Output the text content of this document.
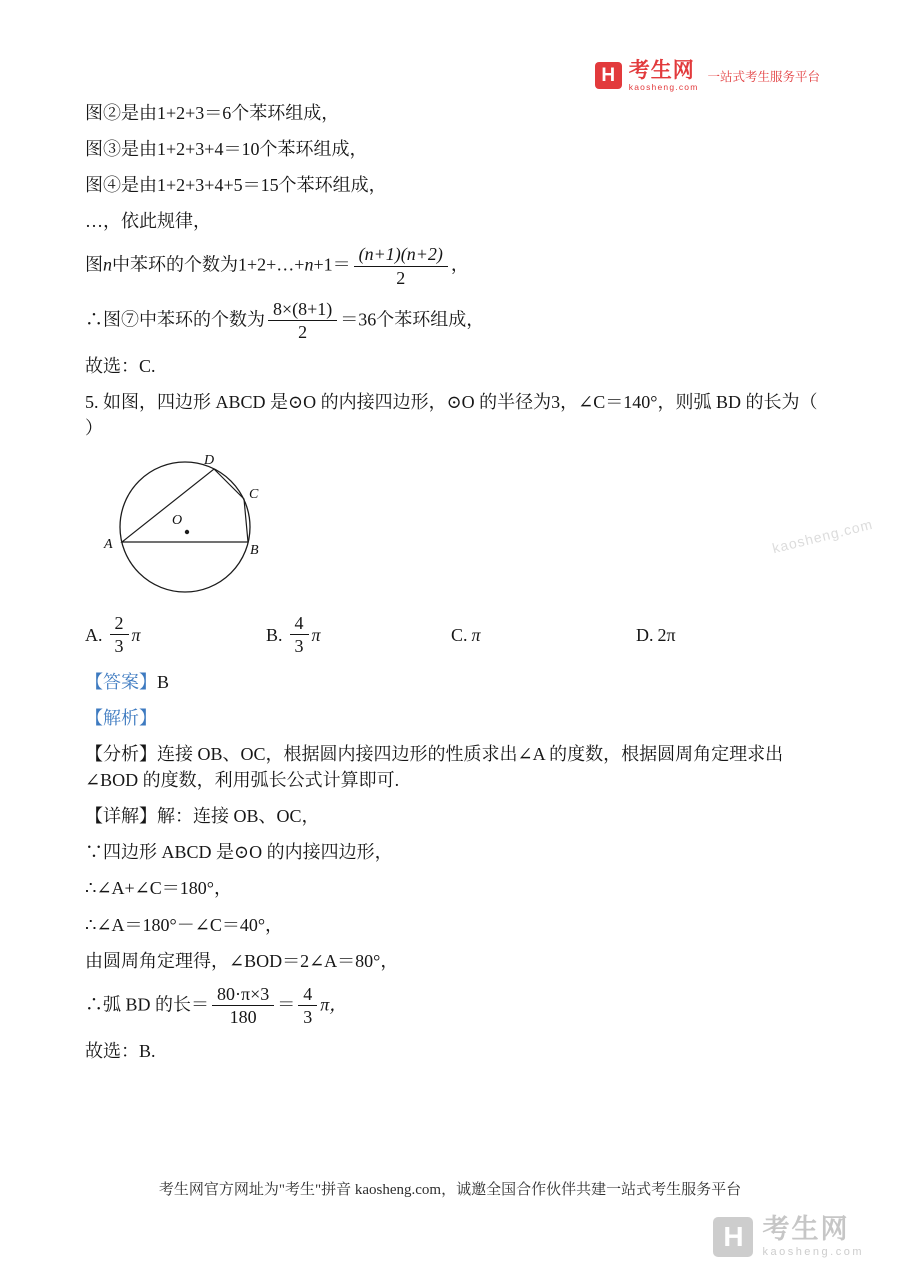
H 考生网
kaosheng.com
一站式考生服务平台

图②是由1+2+3＝6个苯环组成，

图③是由1+2+3+4＝10个苯环组成，

图④是由1+2+3+4+5＝15个苯环组成，

…，依此规律，

图n中苯环的个数为1+2+…+n+1＝ $\frac{(n+1)(n+2)}{2}$ ，

∴图⑦中苯环的个数为 $\frac{8\times(8+1)}{2} =36$个苯环组成，

故选：C.

5. 如图，四边形 ABCD 是⊙O 的内接四边形，⊙O 的半径为3，∠C＝140°，则弧 BD 的长为（ ）

O
A	B
C
D
A. $\frac{2}{3}$ π	B. $\frac{4}{3}$ π	C. π	D. 2π

【答案】B

【解析】

【分析】连接 OB、OC，根据圆内接四边形的性质求出∠A 的度数，根据圆周角定理求出∠BOD 的度数，利用弧长公式计算即可.

【详解】解：连接 OB、OC，

∵四边形 ABCD 是⊙O 的内接四边形，

∴∠A+∠C＝180°，

∴∠A＝180°－∠C＝40°，

由圆周角定理得，∠BOD＝2∠A＝80°，

∴弧 BD 的长＝ $\frac{80\cdot\pi\times 3}{180} = \frac{4}{3}$ π，

故选：B.

考生网官方网址为"考生"拼音 kaosheng.com，诚邀全国合作伙伴共建一站式考生服务平台
kaosheng.com
H 考生网
kaosheng.com
